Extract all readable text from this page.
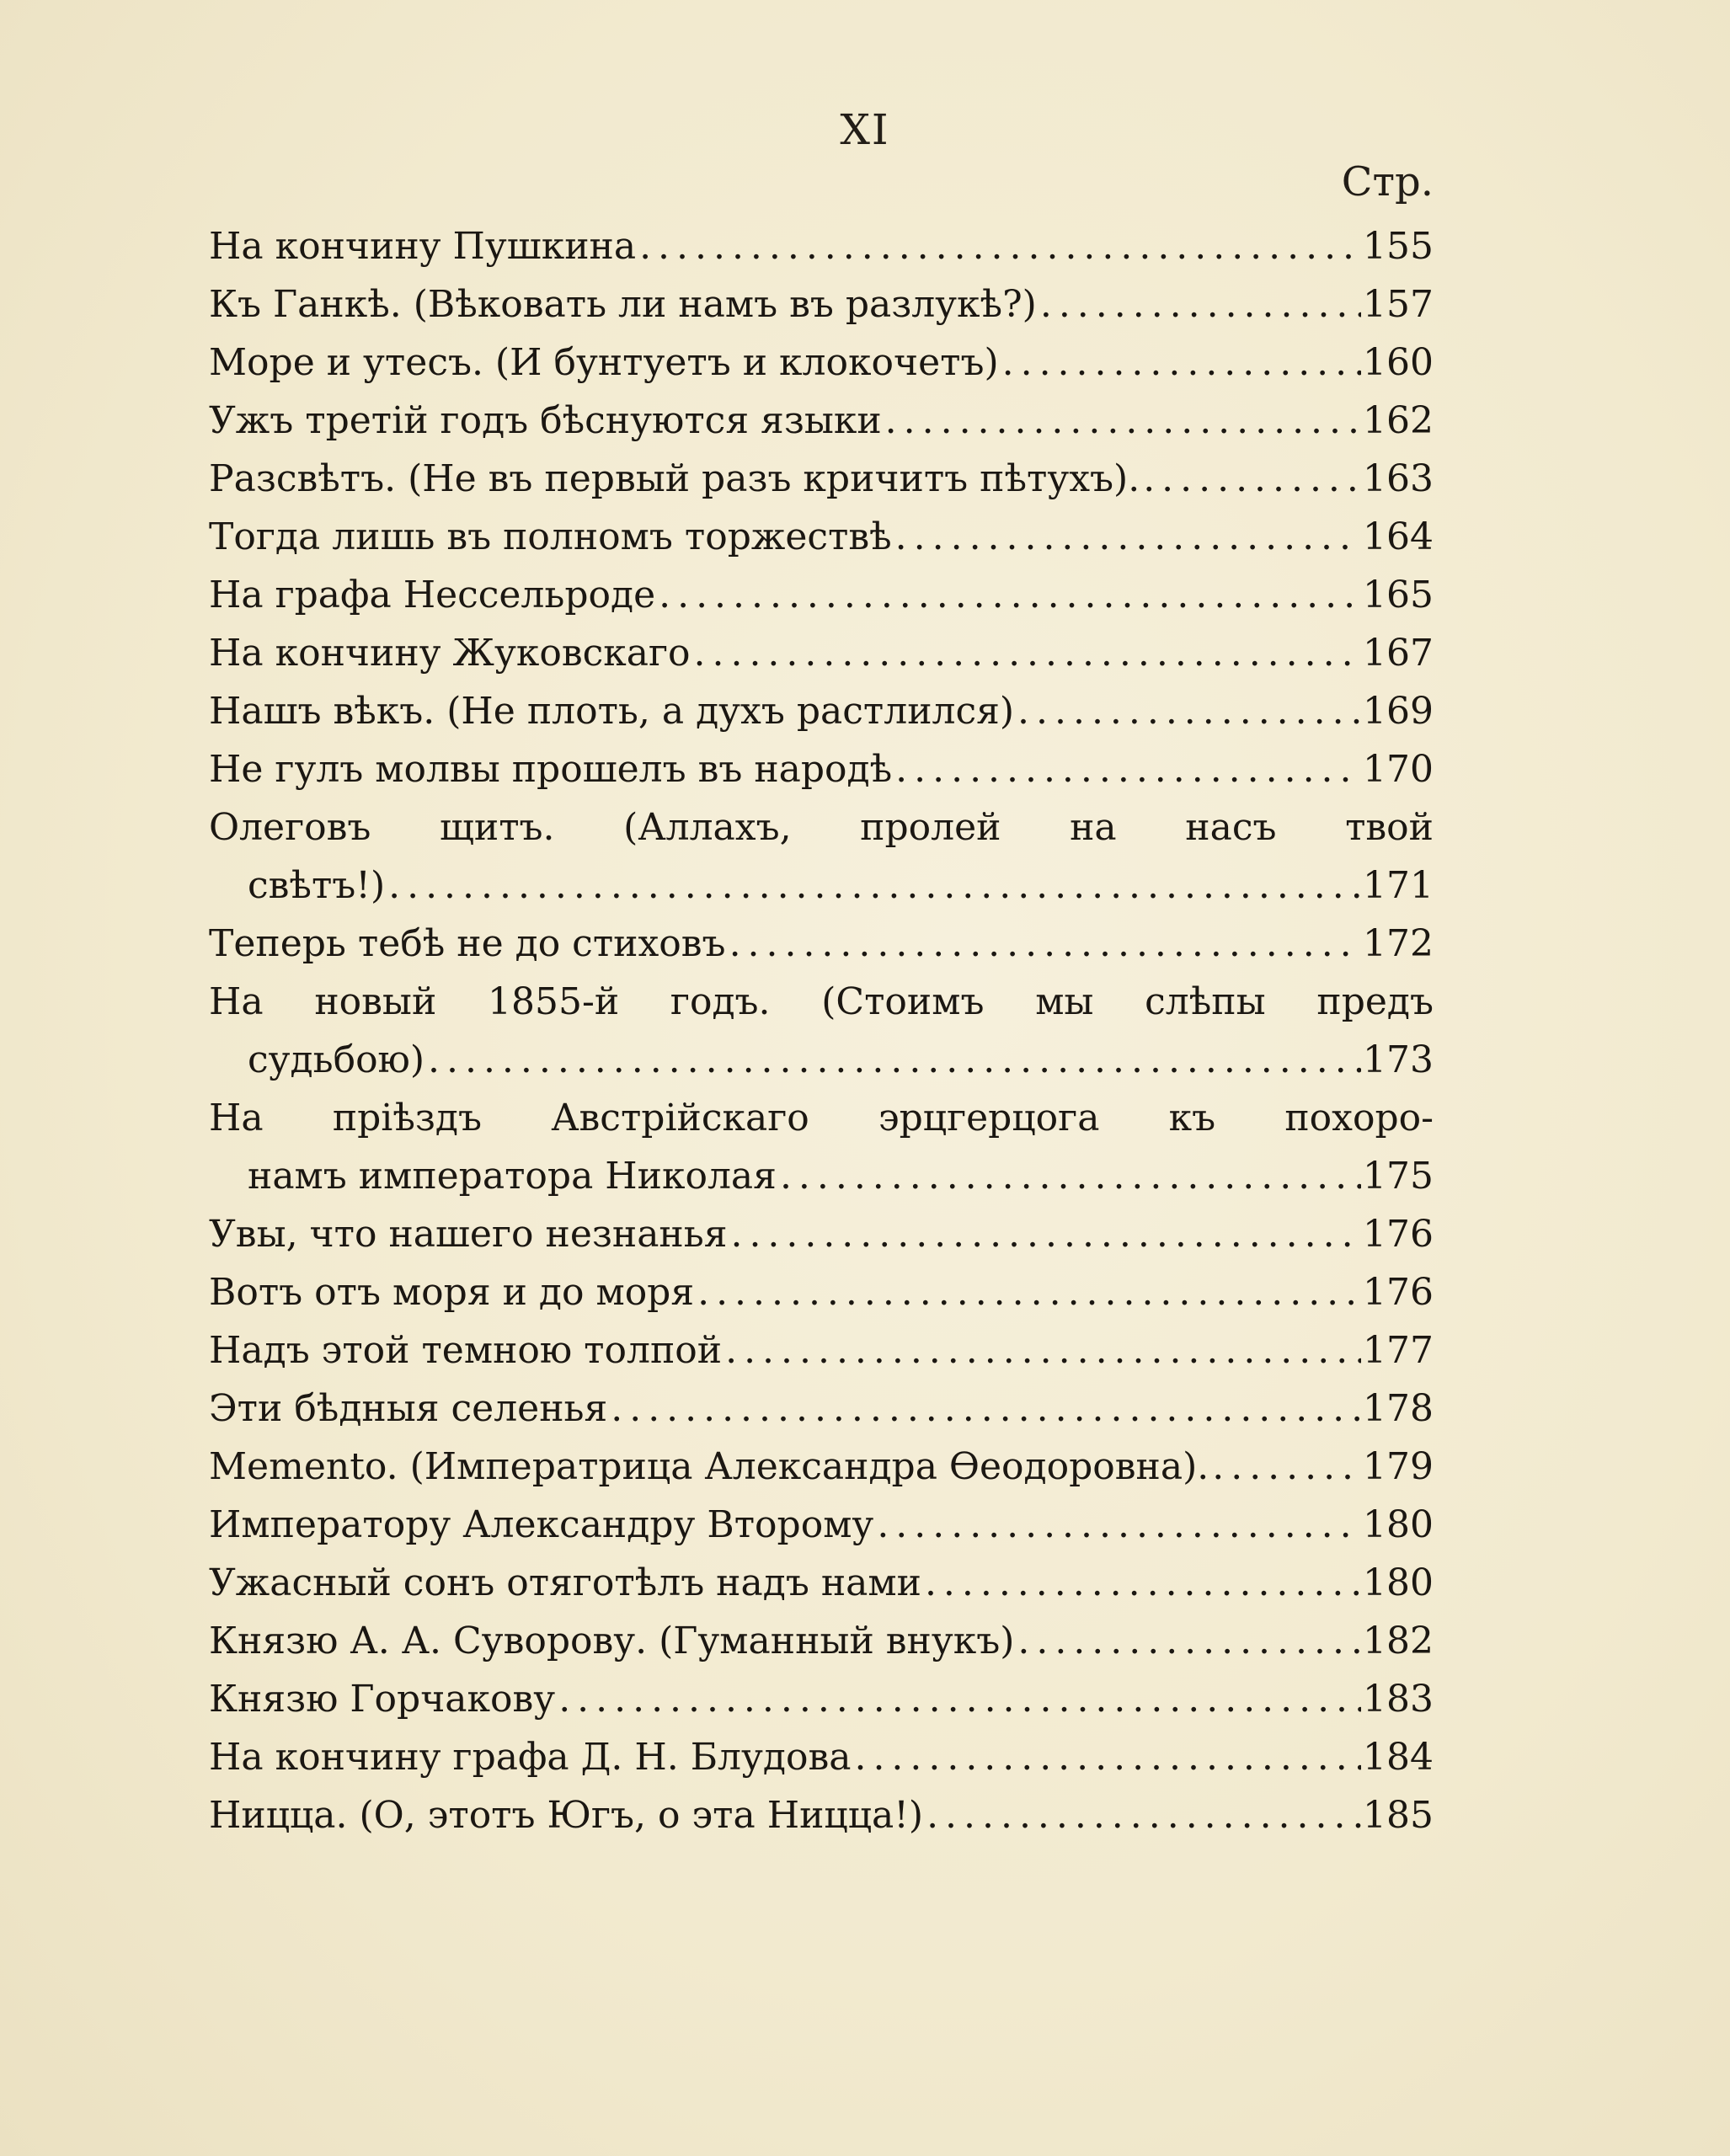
XI
Стр.
На кончину Пушкина . . .	155
Къ Ганкѣ. (Вѣковать ли намъ въ разлукѣ?) . . .	157
Море и утесъ. (И бунтуетъ и клокочетъ) . . .	160
Ужъ третій годъ бѣснуются языки . . .	162
Разсвѣтъ. (Не въ первый разъ кричитъ пѣтухъ). . . .	163
Тогда лишь въ полномъ торжествѣ . . .	164
На графа Нессельроде . . .	165
На кончину Жуковскаго . . .	167
Нашъ вѣкъ. (Не плоть, а духъ растлился) . . .	169
Не гулъ молвы прошелъ въ народѣ . . .	170
Олеговъ щитъ. (Аллахъ, пролей на насъ твой
свѣтъ!) . . .	171
Теперь тебѣ не до стиховъ . . .	172
На новый 1855-й годъ. (Стоимъ мы слѣпы предъ
судьбою) . . .	173
На пріѣздъ Австрійскаго эрцгерцога къ похоро-
намъ императора Николая . . .	175
Увы, что нашего незнанья . . .	176
Вотъ отъ моря и до моря . . .	176
Надъ этой темною толпой . . .	177
Эти бѣдныя селенья . . .	178
Memento. (Императрица Александра Өеодоровна). . . .	179
Императору Александру Второму . . .	180
Ужасный сонъ отяготѣлъ надъ нами . . .	180
Князю А. А. Суворову. (Гуманный внукъ) . . .	182
Князю Горчакову . . .	183
На кончину графа Д. Н. Блудова . . .	184
Ницца. (О, этотъ Югъ, о эта Ницца!) . . .	185
